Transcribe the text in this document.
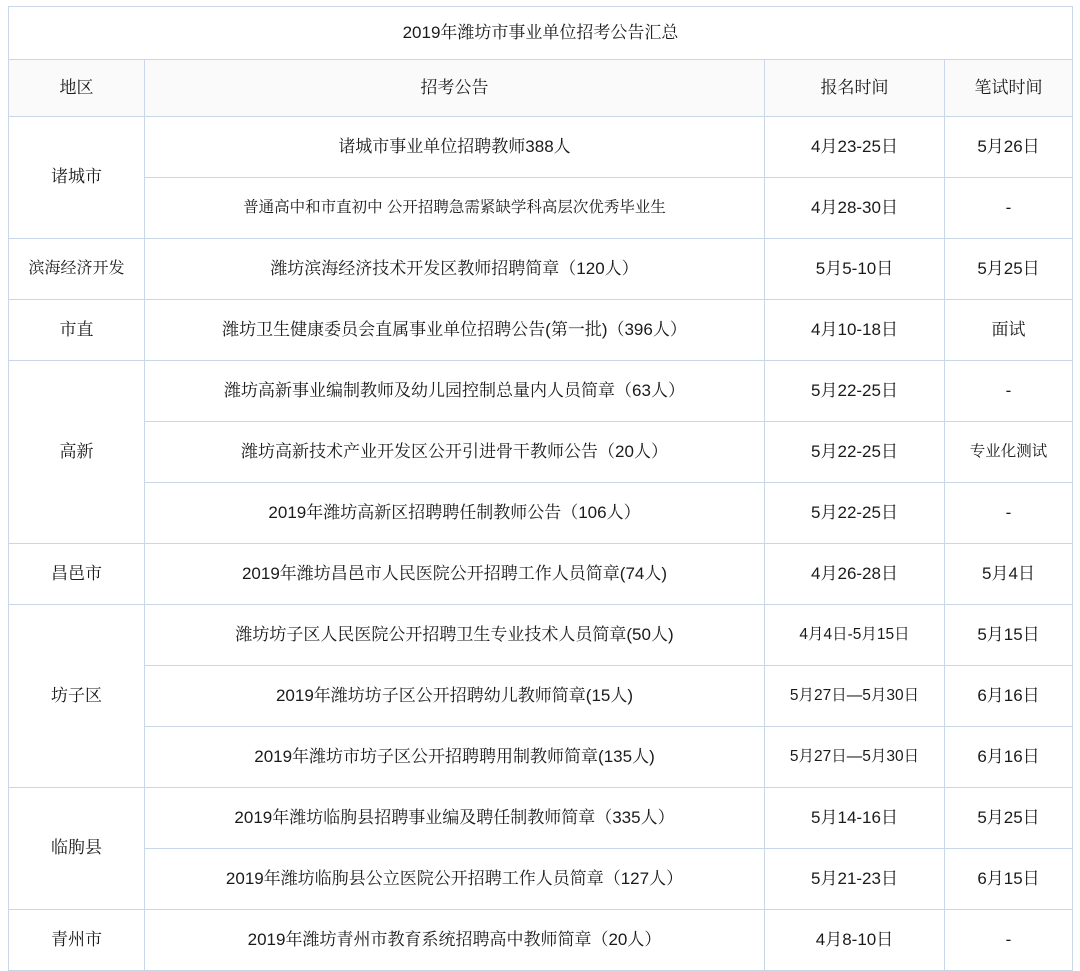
2019年潍坊市事业单位招考公告汇总			
地区	招考公告	报名时间	笔试时间
诸城市	诸城市事业单位招聘教师388人	4月23-25日	5月26日
	普通高中和市直初中 公开招聘急需紧缺学科高层次优秀毕业生	4月28-30日	-
滨海经济开发	潍坊滨海经济技术开发区教师招聘简章（120人）	5月5-10日	5月25日
市直	潍坊卫生健康委员会直属事业单位招聘公告(第一批)（396人）	4月10-18日	面试
高新	潍坊高新事业编制教师及幼儿园控制总量内人员简章（63人）	5月22-25日	-
	潍坊高新技术产业开发区公开引进骨干教师公告（20人）	5月22-25日	专业化测试
	2019年潍坊高新区招聘聘任制教师公告（106人）	5月22-25日	-
昌邑市	2019年潍坊昌邑市人民医院公开招聘工作人员简章(74人)	4月26-28日	5月4日
坊子区	潍坊坊子区人民医院公开招聘卫生专业技术人员简章(50人)	4月4日-5月15日	5月15日
	2019年潍坊坊子区公开招聘幼儿教师简章(15人)	5月27日—5月30日	6月16日
	2019年潍坊市坊子区公开招聘聘用制教师简章(135人)	5月27日—5月30日	6月16日
临朐县	2019年潍坊临朐县招聘事业编及聘任制教师简章（335人）	5月14-16日	5月25日
	2019年潍坊临朐县公立医院公开招聘工作人员简章（127人）	5月21-23日	6月15日
青州市	2019年潍坊青州市教育系统招聘高中教师简章（20人）	4月8-10日	-
